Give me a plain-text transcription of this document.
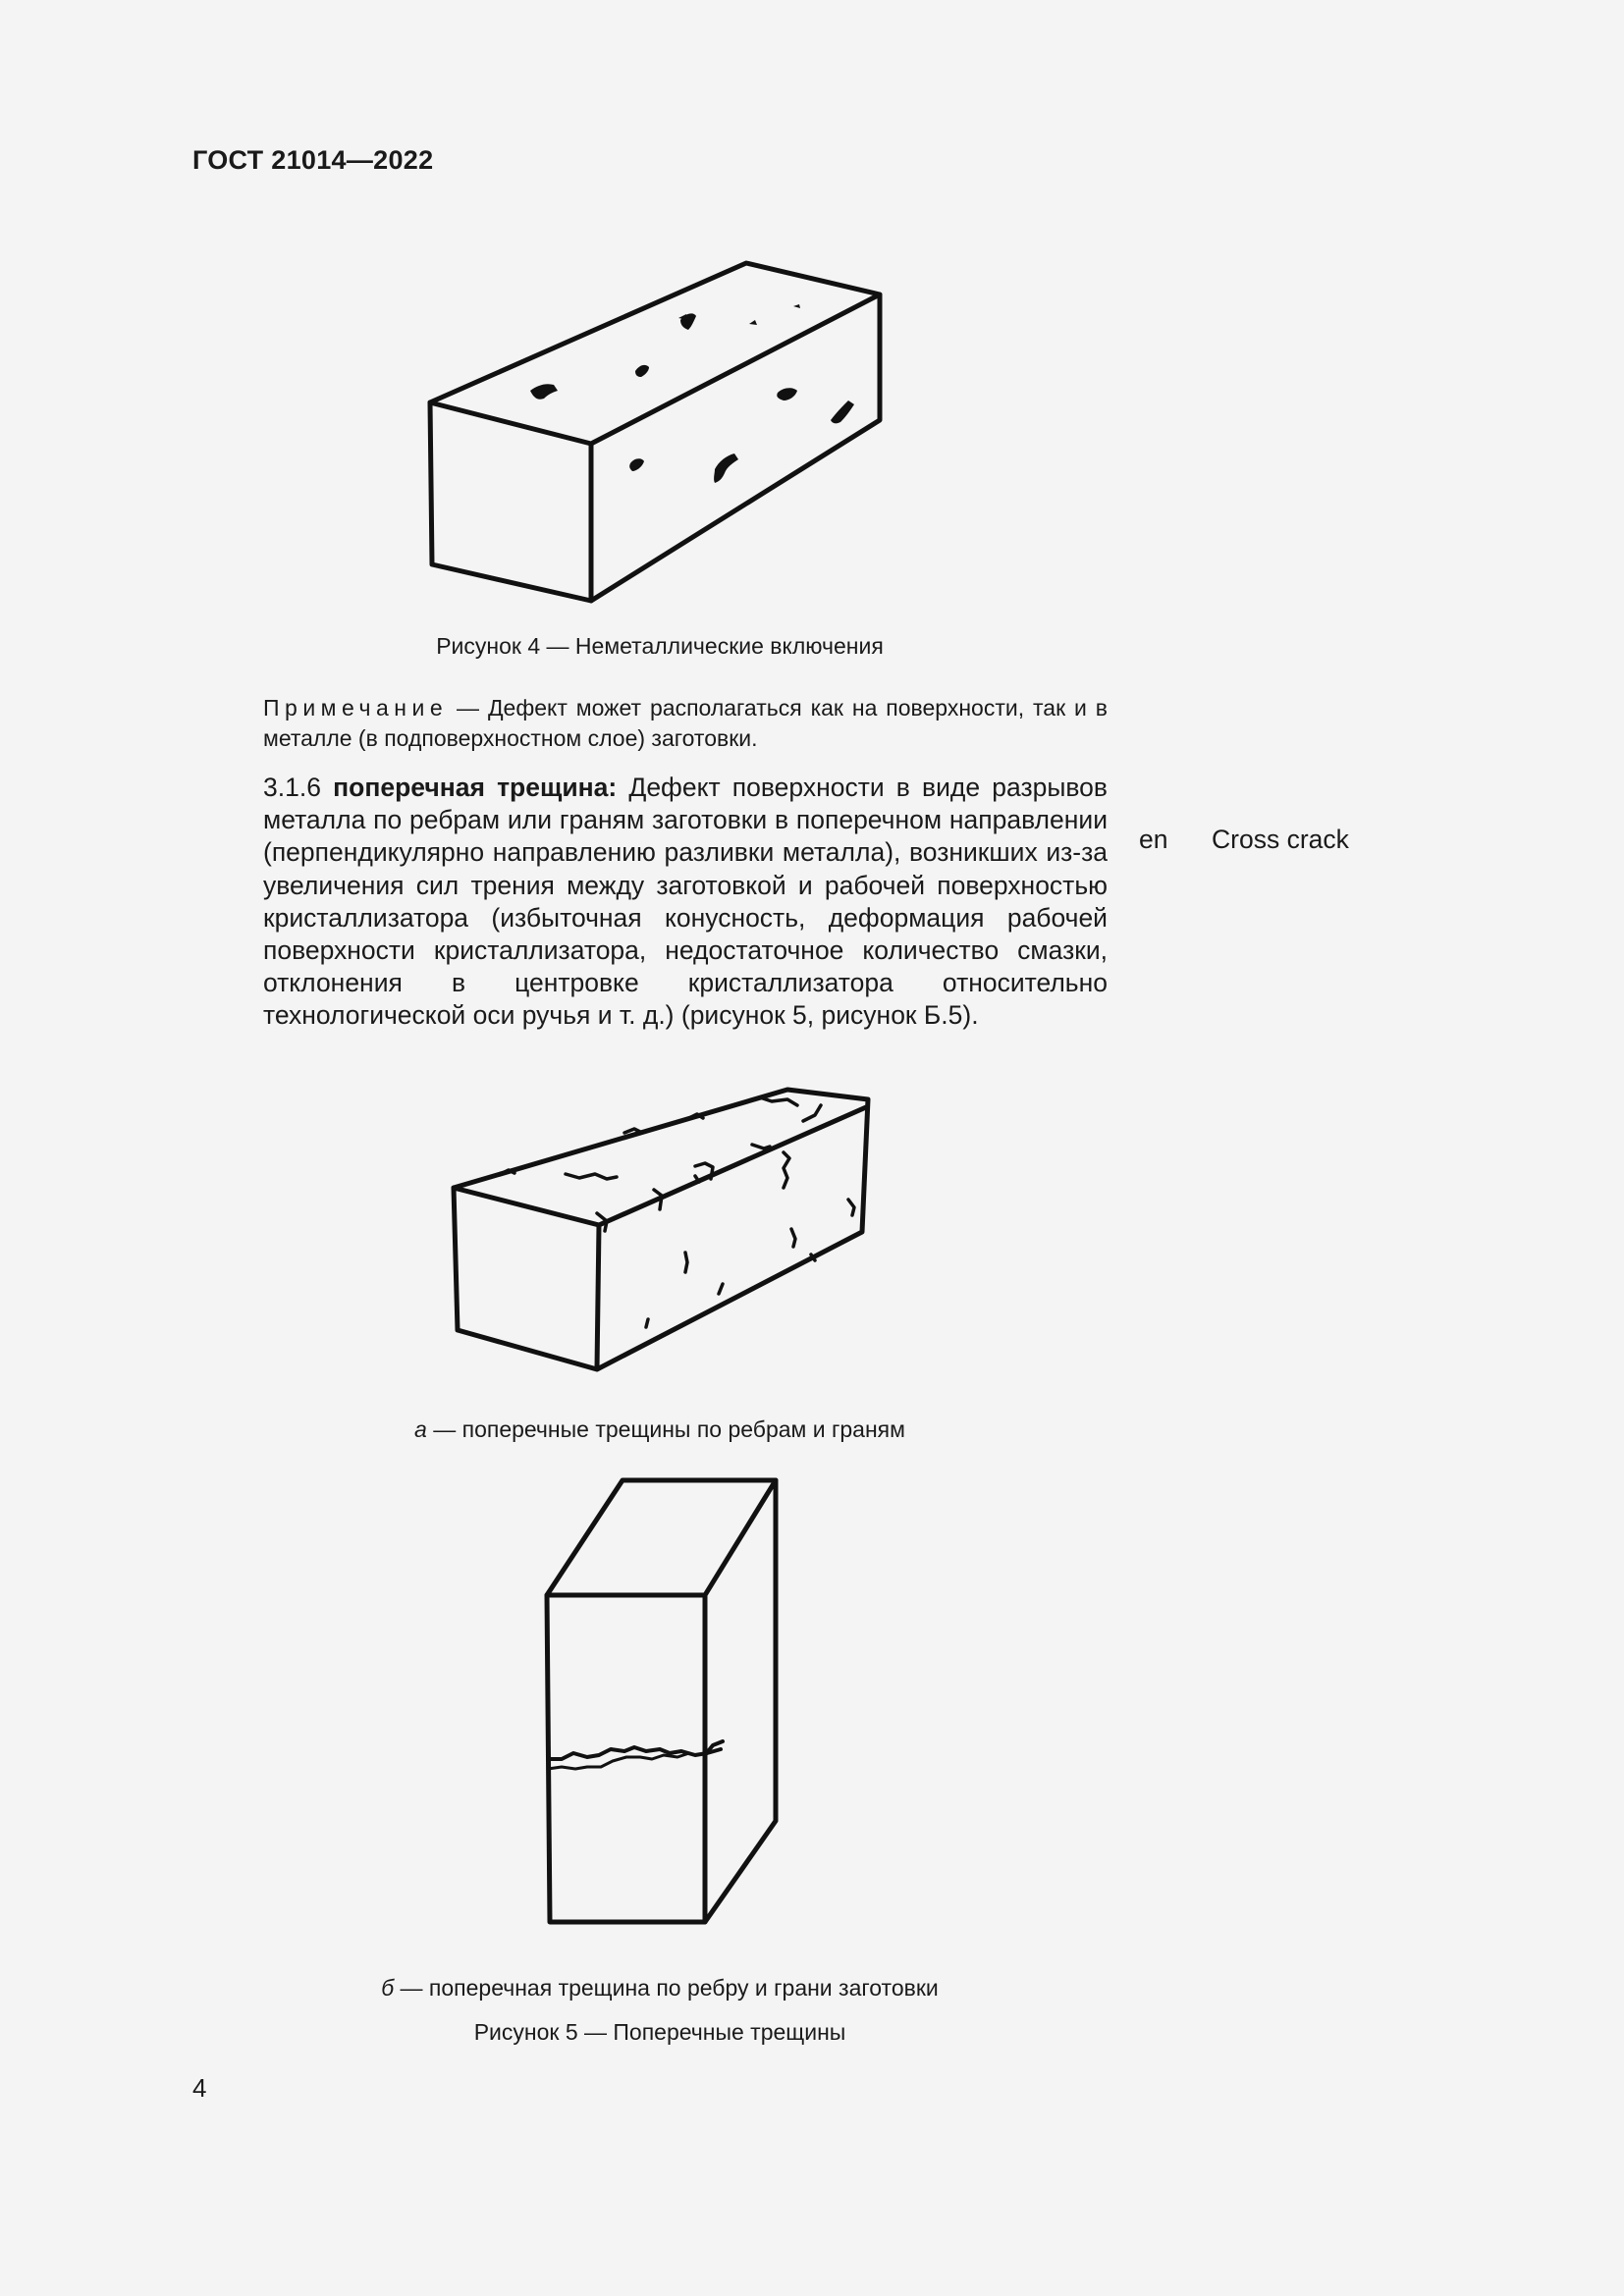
ГОСТ 21014—2022
Рисунок 4 — Неметаллические включения
Примечание — Дефект может располагаться как на поверхности, так и в металле (в подповерхностном слое) заготовки.
3.1.6 поперечная трещина: Дефект поверхности в виде разрывов металла по ребрам или граням заготовки в поперечном направлении (перпендикулярно направлению разливки металла), возникших из-за увеличения сил трения между заготовкой и рабочей поверхностью кристаллизатора (избыточная конусность, деформация рабочей поверхности кристаллизатора, недостаточное количество смазки, отклонения в центровке кристаллизатора относительно технологической оси ручья и т. д.) (рисунок 5, рисунок Б.5).
en Cross crack
а — поперечные трещины по ребрам и граням
б — поперечная трещина по ребру и грани заготовки
Рисунок 5 — Поперечные трещины
4
